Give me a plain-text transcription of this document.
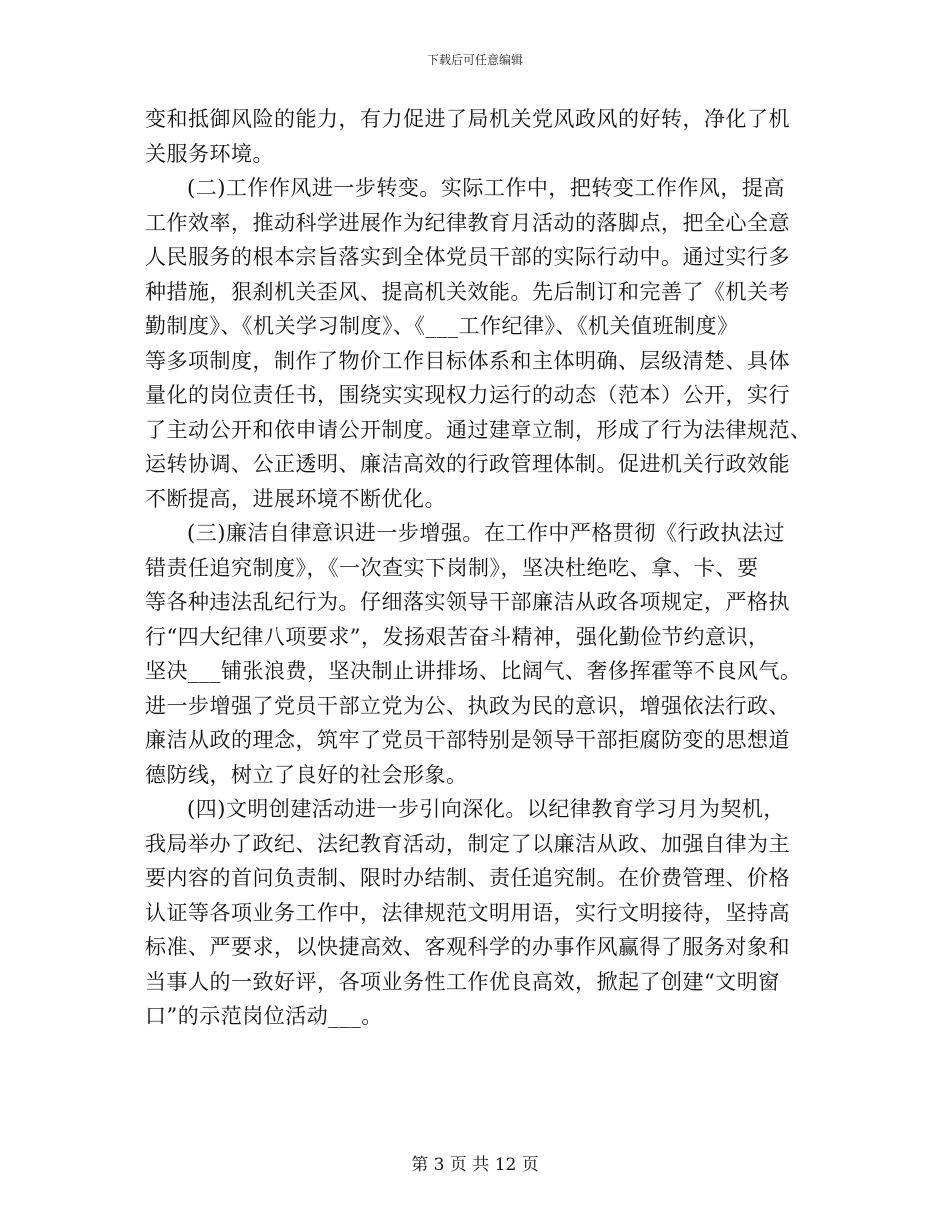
下载后可任意编辑
变和抵御风险的能力，有力促进了局机关党风政风的好转，净化了机
关服务环境。
(二)工作作风进一步转变。实际工作中，把转变工作作风，提高
工作效率，推动科学进展作为纪律教育月活动的落脚点，把全心全意
人民服务的根本宗旨落实到全体党员干部的实际行动中。通过实行多
种措施，狠刹机关歪风、提高机关效能。先后制订和完善了《机关考
勤制度》、《机关学习制度》、《___工作纪律》、《机关值班制度》
等多项制度，制作了物价工作目标体系和主体明确、层级清楚、具体
量化的岗位责任书，围绕实实现权力运行的动态（范本）公开，实行
了主动公开和依申请公开制度。通过建章立制，形成了行为法律规范、
运转协调、公正透明、廉洁高效的行政管理体制。促进机关行政效能
不断提高，进展环境不断优化。
(三)廉洁自律意识进一步增强。在工作中严格贯彻《行政执法过
错责任追究制度》，《一次查实下岗制》，坚决杜绝吃、拿、卡、要
等各种违法乱纪行为。仔细落实领导干部廉洁从政各项规定，严格执
行“四大纪律八项要求”，发扬艰苦奋斗精神，强化勤俭节约意识，
坚决___铺张浪费，坚决制止讲排场、比阔气、奢侈挥霍等不良风气。
进一步增强了党员干部立党为公、执政为民的意识，增强依法行政、
廉洁从政的理念，筑牢了党员干部特别是领导干部拒腐防变的思想道
德防线，树立了良好的社会形象。
(四)文明创建活动进一步引向深化。以纪律教育学习月为契机，
我局举办了政纪、法纪教育活动，制定了以廉洁从政、加强自律为主
要内容的首问负责制、限时办结制、责任追究制。在价费管理、价格
认证等各项业务工作中，法律规范文明用语，实行文明接待，坚持高
标准、严要求，以快捷高效、客观科学的办事作风赢得了服务对象和
当事人的一致好评，各项业务性工作优良高效，掀起了创建“文明窗
口”的示范岗位活动___。
第 3 页 共 12 页
